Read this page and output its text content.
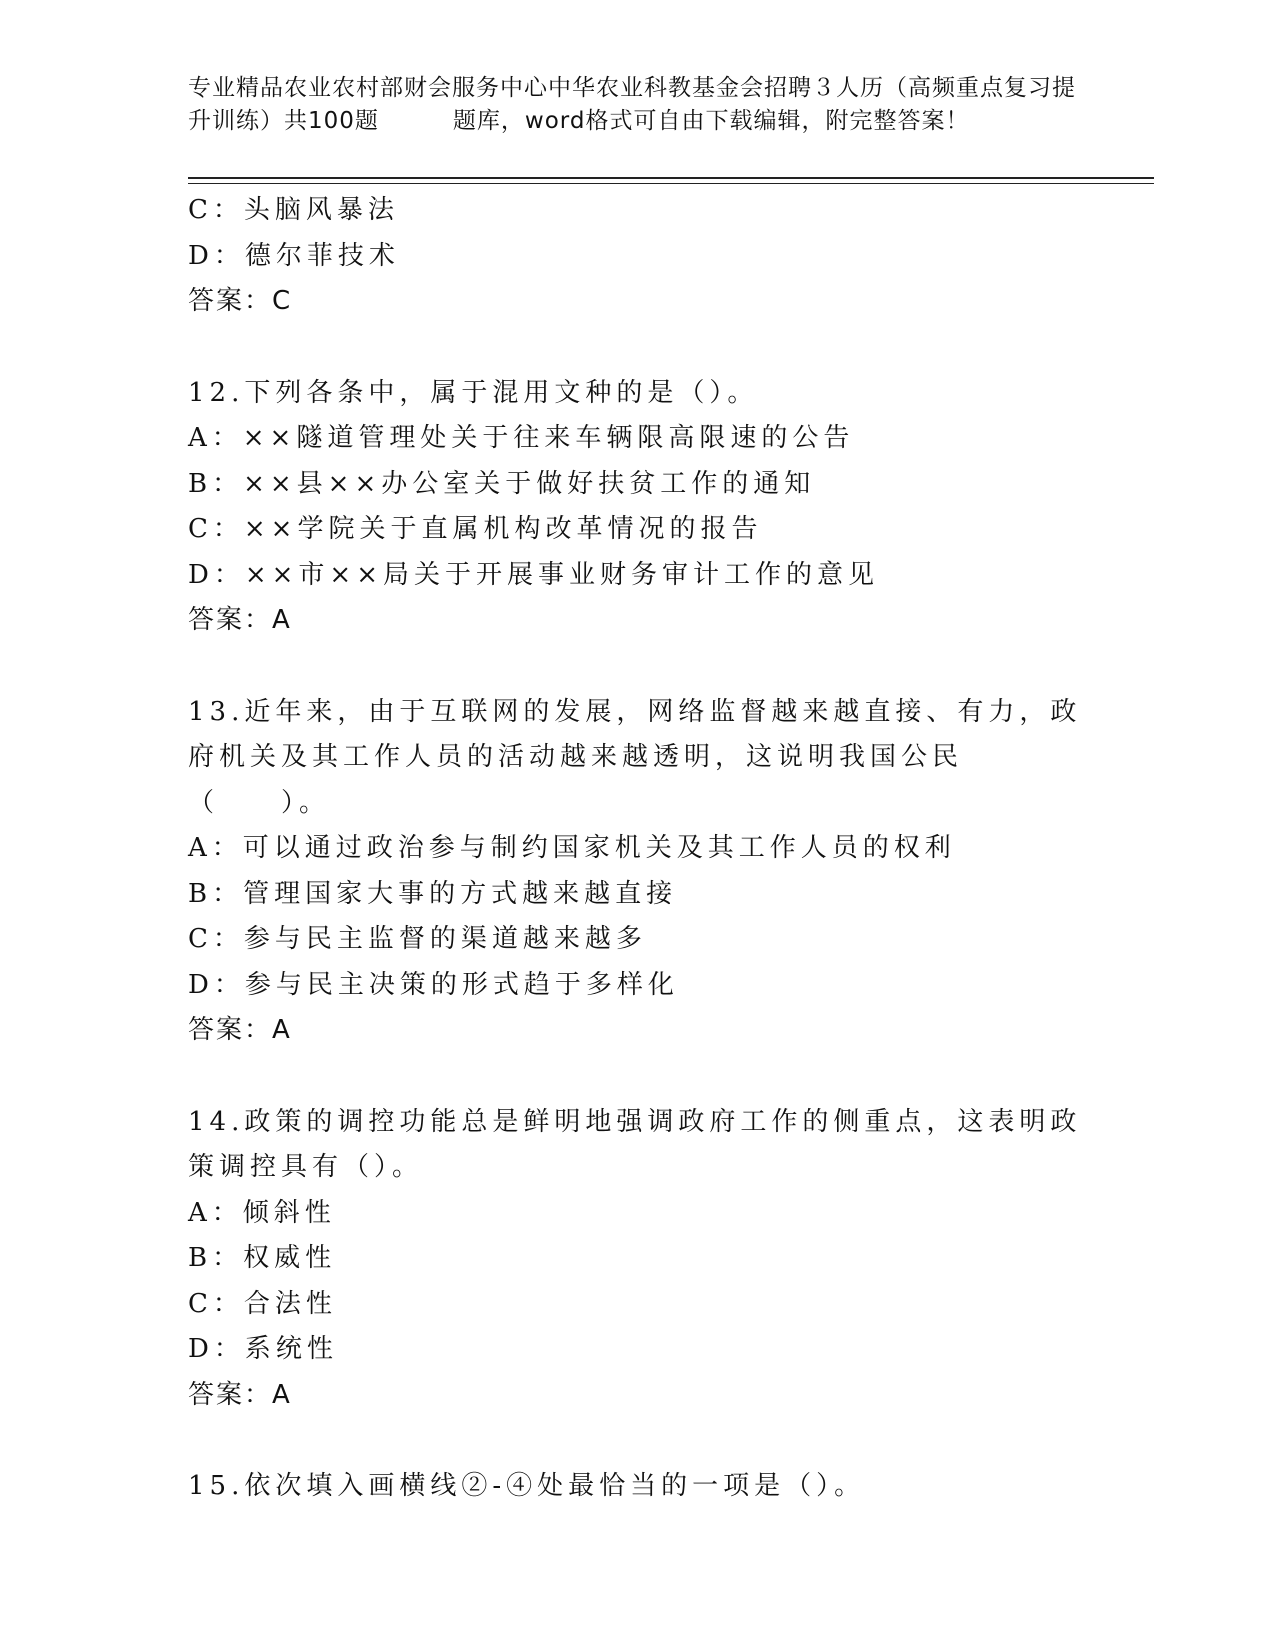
专业精品农业农村部财会服务中心中华农业科教基金会招聘３人历（高频重点复习提升训练）共100题	题库，word格式可自由下载编辑，附完整答案！
C：头脑风暴法
D：德尔菲技术
答案：C
12.下列各条中，属于混用文种的是（）。
A：××隧道管理处关于往来车辆限高限速的公告
B：××县××办公室关于做好扶贫工作的通知
C：××学院关于直属机构改革情况的报告
D：××市××局关于开展事业财务审计工作的意见
答案：A
13.近年来，由于互联网的发展，网络监督越来越直接、有力，政府机关及其工作人员的活动越来越透明，这说明我国公民（　　）。
A：可以通过政治参与制约国家机关及其工作人员的权利
B：管理国家大事的方式越来越直接
C：参与民主监督的渠道越来越多
D：参与民主决策的形式趋于多样化
答案：A
14.政策的调控功能总是鲜明地强调政府工作的侧重点，这表明政策调控具有（）。
A：倾斜性
B：权威性
C：合法性
D：系统性
答案：A
15.依次填入画横线②-④处最恰当的一项是（）。
